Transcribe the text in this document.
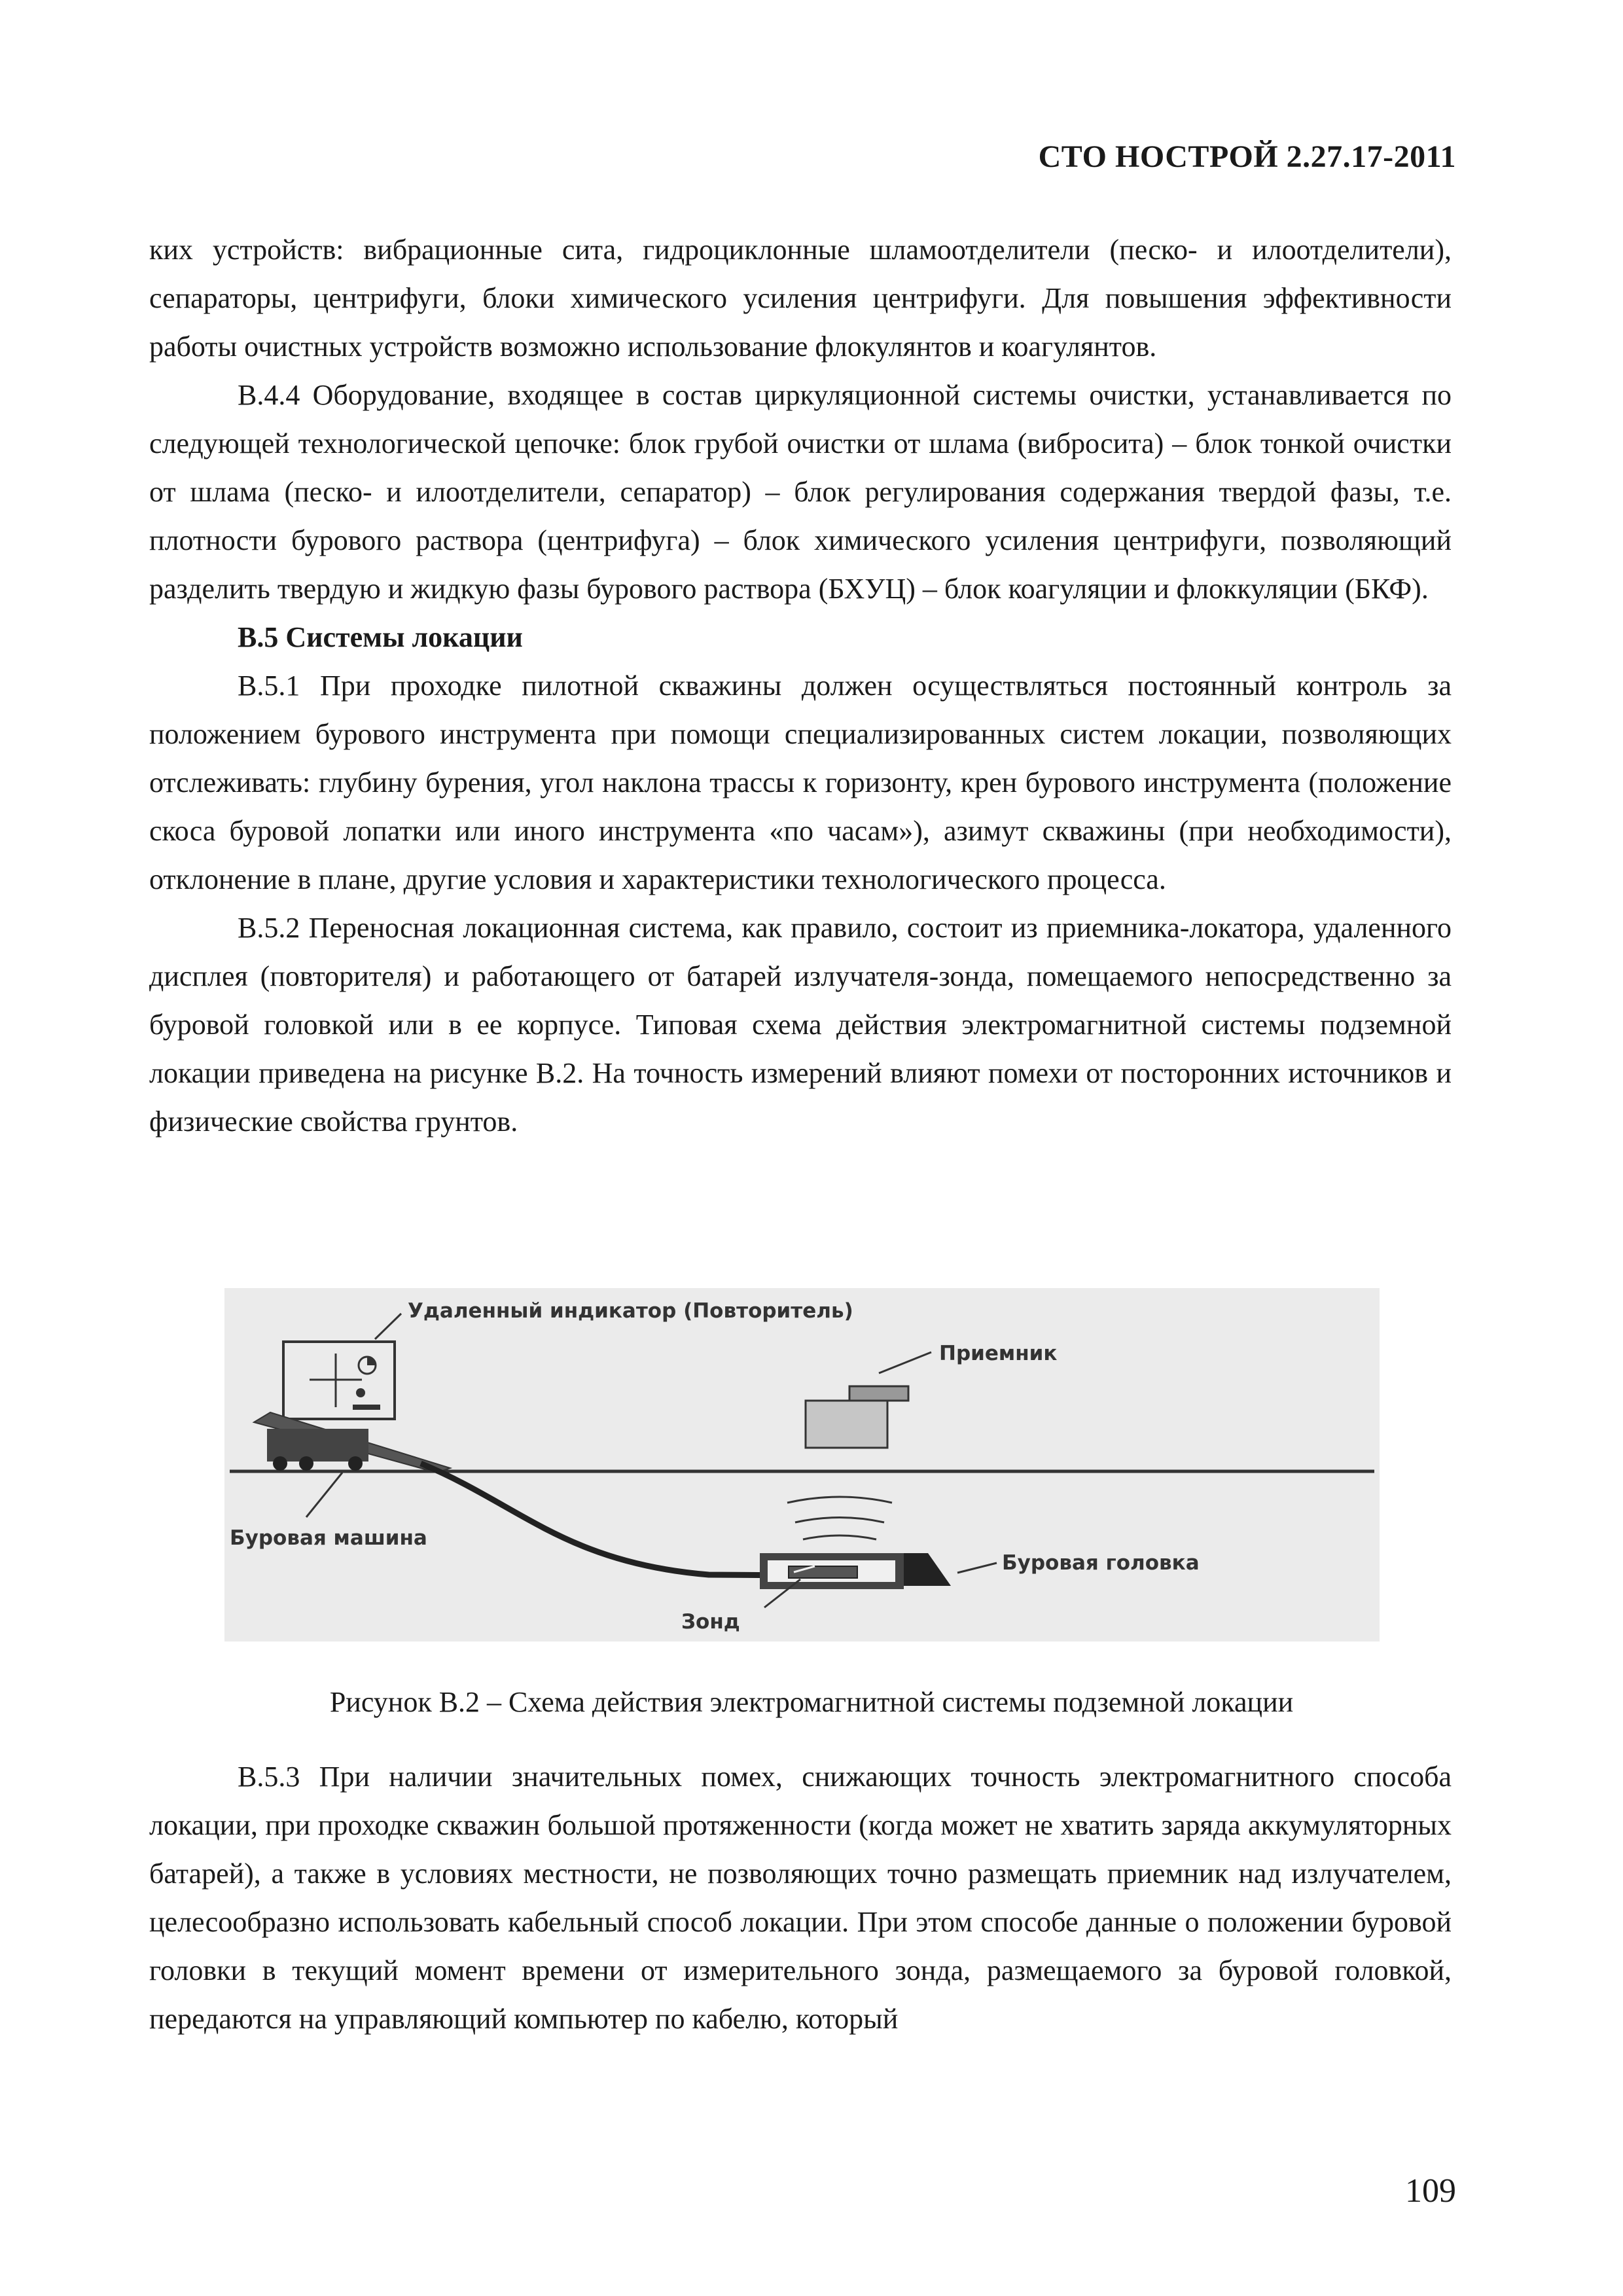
СТО НОСТРОЙ 2.27.17-2011

ких устройств: вибрационные сита, гидроциклонные шламоотделители (песко- и илоотделители), сепараторы, центрифуги, блоки химического усиления центрифуги. Для повышения эффективности работы очистных устройств возможно использование флокулянтов и коагулянтов.

В.4.4 Оборудование, входящее в состав циркуляционной системы очистки, устанавливается по следующей технологической цепочке: блок грубой очистки от шлама (вибросита) – блок тонкой очистки от шлама (песко- и илоотделители, сепаратор) – блок регулирования содержания твердой фазы, т.е. плотности бурового раствора (центрифуга) – блок химического усиления центрифуги, позволяющий разделить твердую и жидкую фазы бурового раствора (БХУЦ) – блок коагуляции и флоккуляции (БКФ).

В.5 Системы локации

В.5.1 При проходке пилотной скважины должен осуществляться постоянный контроль за положением бурового инструмента при помощи специализированных систем локации, позволяющих отслеживать: глубину бурения, угол наклона трассы к горизонту, крен бурового инструмента (положение скоса буровой лопатки или иного инструмента «по часам»), азимут скважины (при необходимости), отклонение в плане, другие условия и характеристики технологического процесса.

В.5.2 Переносная локационная система, как правило, состоит из приемника-локатора, удаленного дисплея (повторителя) и работающего от батарей излучателя-зонда, помещаемого непосредственно за буровой головкой или в ее корпусе. Типовая схема действия электромагнитной системы подземной локации приведена на рисунке В.2. На точность измерений влияют помехи от посторонних источников и физические свойства грунтов.

Удаленный индикатор (Повторитель)
Буровая машина
Приемник
Буровая головка
Зонд
Рисунок В.2 – Схема действия электромагнитной системы подземной локации

В.5.3 При наличии значительных помех, снижающих точность электромагнитного способа локации, при проходке скважин большой протяженности (когда может не хватить заряда аккумуляторных батарей), а также в условиях местности, не позволяющих точно размещать приемник над излучателем, целесообразно использовать кабельный способ локации. При этом способе данные о положении буровой головки в текущий момент времени от измерительного зонда, размещаемого за буровой головкой, передаются на управляющий компьютер по кабелю, который

109
